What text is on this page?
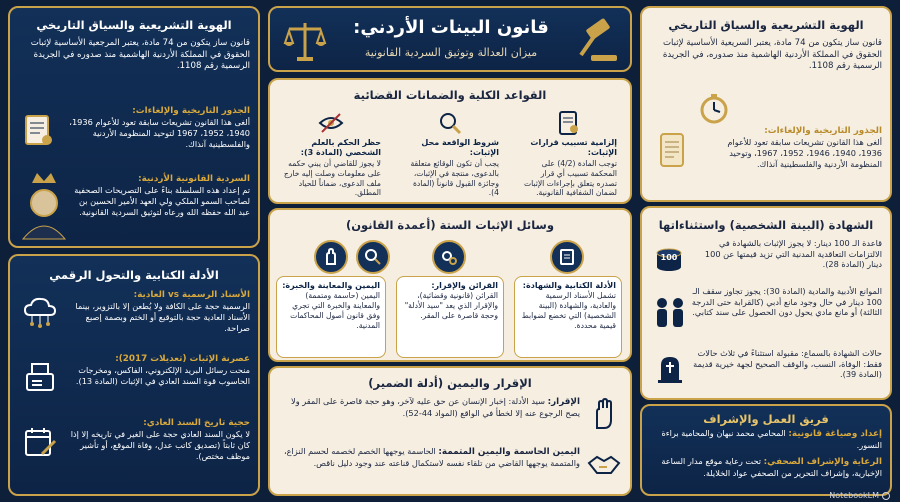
الهوية التشريعية والسياق التاريخي
قانون ساز يتكون من 74 مادة، يعتبر المرجعية الأساسية لإثبات الحقوق في المملكة الأردنية الهاشمية منذ صدوره في الجريدة الرسمية رقم 1108.
الجذور التاريخية والإلغاءات:
ألغى هذا القانون تشريعات سابقة تعود للأعوام 1936، 1940، 1952، 1967 لتوحيد المنظومة الأردنية والفلسطينية آنذاك.
السردية القانونية الأردنية:
تم إعداد هذه السلسلة بناءً على التصريحات الصحفية لصاحب السمو الملكي ولي العهد الأمير الحسين بن عبد الله حفظه الله ورعاه لتوثيق السردية القانونية.
الأدلة الكتابية والتحول الرقمي
الأسناد الرسمية vs العادية:
الرسمية حجة على الكافة ولا يُطعن إلا بالتزوير، بينما الأسناد العادية حجة بالتوقيع أو الختم وبصمة إصبع صراحة.
عصرنة الإثبات (تعديلات 2017):
منحت رسائل البريد الإلكتروني، الفاكس، ومخرجات الحاسوب قوة السند العادي في الإثبات (المادة 13).
حجية تاريخ السند العادي:
لا يكون السند العادي حجة على الغير في تاريخه إلا إذا كان ثابتاً (تصديق كاتب عدل، وفاة الموقع، أو تأشير موظف مختص).
قانون البينات الأردني:
ميزان العدالة وتوثيق السردية القانونية
القواعد الكلية والضمانات القضائية
إلزامية تسبيب قرارات الإثبات:
توجب المادة (4/2) على المحكمة تسبيب أي قرار تصدره يتعلق بإجراءات الإثبات لضمان الشفافية القانونية.
شروط الواقعة محل الإثبات:
يجب أن تكون الوقائع متعلقة بالدعوى، منتجة في الإثبات، وجائزة القبول قانوناً (المادة 4).
حظر الحكم بالعلم الشخصي (المادة 3):
لا يجوز للقاضي أن يبني حكمه على معلومات وصلت إليه خارج ملف الدعوى، ضماناً للحياد المطلق.
وسائل الإثبات الستة (أعمدة القانون)
الأدلة الكتابية والشهادة:
تشمل الأسناد الرسمية والعادية، والشهادة (البينة الشخصية) التي تخضع لضوابط قيمية محددة.
القرائن والإقرار:
القرائن (قانونية وقضائية)، والإقرار الذي يعد "سيد الأدلة" وحجة قاصرة على المقر.
اليمين والمعاينة والخبرة:
اليمين (حاسمة ومتممة) والمعاينة والخبرة التي تجري وفق قانون أصول المحاكمات المدنية.
الإقرار واليمين (أدلة الضمير)
الإقرار: سيد الأدلة: إخبار الإنسان عن حق عليه لآخر، وهو حجة قاصرة على المقر ولا يصح الرجوع عنه إلا لخطأ في الواقع (المواد 44-52).
اليمين الحاسمة واليمين المتممة: الحاسمة يوجهها الخصم لخصمه لحسم النزاع، والمتممة يوجهها القاضي من تلقاء نفسه لاستكمال قناعته عند وجود دليل ناقص.
الهوية التشريعية والسياق التاريخي
قانون ساز يتكون من 74 مادة، يعتبر السريعية الأساسية لإثبات الحقوق في المملكة الأردنية الهاشمية منذ صدوره، في الجريدة الرسمية رقم 1108.
الجذور التاريخية والإلغاءات:
ألغى هذا القانون تشريعات سابقة تعود للأعوام 1936، 1940، 1946، 1952، 1967، وتوحيد المنظومة الأردنية والفلسطينية آنذاك.
الشهادة (البينة الشخصية) واستثناءاتها
قاعدة الـ 100 دينار: لا يجوز الإثبات بالشهادة في الالتزامات التعاقدية المدنية التي تزيد قيمتها عن 100 دينار (المادة 28).
100
الموانع الأدبية والمادية (المادة 30): يجوز تجاوز سقف الـ 100 دينار في حال وجود مانع أدبي (كالقرابة حتى الدرجة الثالثة) أو مانع مادي يحول دون الحصول على سند كتابي.
حالات الشهادة بالسماع: مقبولة استثناءً في ثلاث حالات فقط: الوفاة، النسب، والوقف الصحيح لجهة خيرية قديمة (المادة 39).
فريق العمل والإشراف
إعداد وصياغة قانونية: المحامي محمد نبهان والمحامية براءة النسور.
الرعاية والإشراف الصحفي: تحت رعاية موقع مدار الساعة الإخبارية، وإشراف التحرير من الصحفي عواد الخلايلة.
NotebookLM
